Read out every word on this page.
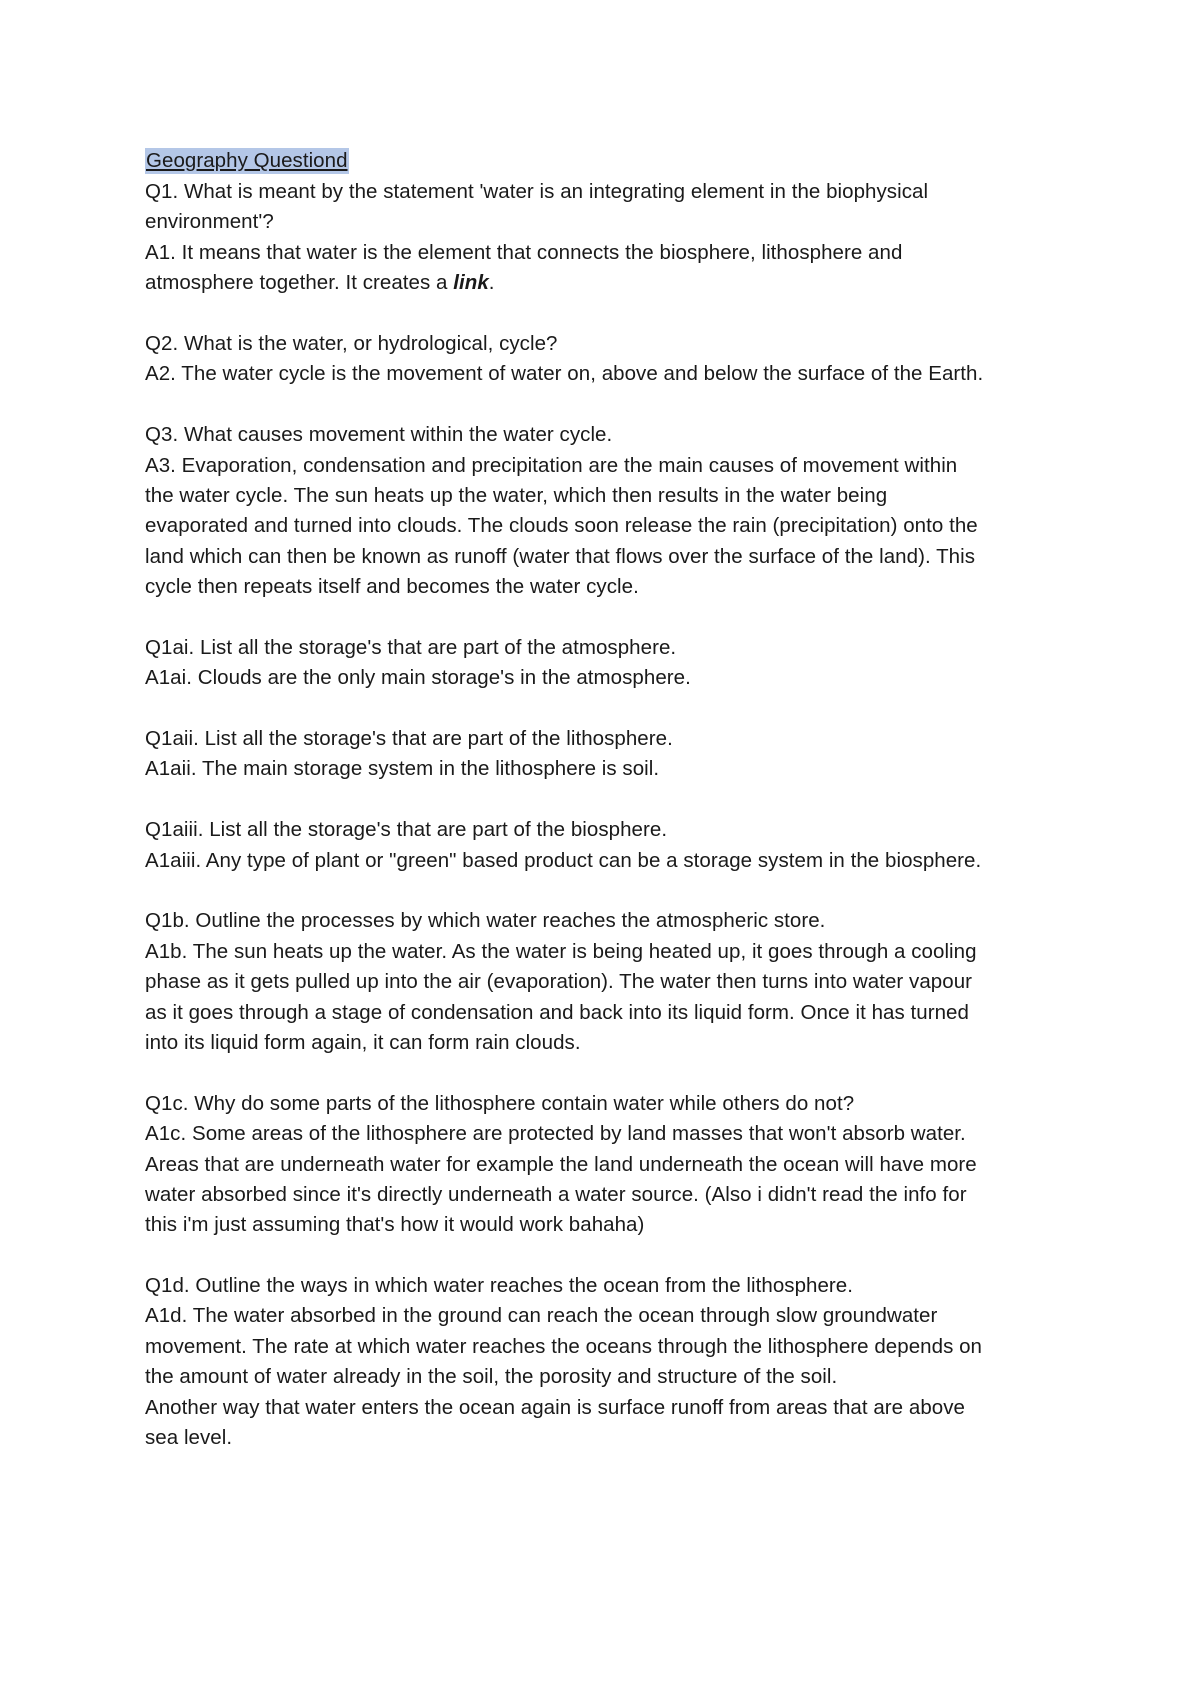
Geography Questiond
Q1. What is meant by the statement 'water is an integrating element in the biophysical
environment'?
A1. It means that water is the element that connects the biosphere, lithosphere and
atmosphere together. It creates a link.
Q2. What is the water, or hydrological, cycle?
A2. The water cycle is the movement of water on, above and below the surface of the Earth.
Q3. What causes movement within the water cycle.
A3. Evaporation, condensation and precipitation are the main causes of movement within
the water cycle. The sun heats up the water, which then results in the water being
evaporated and turned into clouds. The clouds soon release the rain (precipitation) onto the
land which can then be known as runoff (water that flows over the surface of the land). This
cycle then repeats itself and becomes the water cycle.
Q1ai. List all the storage's that are part of the atmosphere.
A1ai. Clouds are the only main storage's in the atmosphere.
Q1aii. List all the storage's that are part of the lithosphere.
A1aii. The main storage system in the lithosphere is soil.
Q1aiii. List all the storage's that are part of the biosphere.
A1aiii. Any type of plant or "green" based product can be a storage system in the biosphere.
Q1b. Outline the processes by which water reaches the atmospheric store.
A1b. The sun heats up the water. As the water is being heated up, it goes through a cooling
phase as it gets pulled up into the air (evaporation). The water then turns into water vapour
as it goes through a stage of condensation and back into its liquid form. Once it has turned
into its liquid form again, it can form rain clouds.
Q1c. Why do some parts of the lithosphere contain water while others do not?
A1c. Some areas of the lithosphere are protected by land masses that won't absorb water.
Areas that are underneath water for example the land underneath the ocean will have more
water absorbed since it's directly underneath a water source. (Also i didn't read the info for
this i'm just assuming that's how it would work bahaha)
Q1d. Outline the ways in which water reaches the ocean from the lithosphere.
A1d. The water absorbed in the ground can reach the ocean through slow groundwater
movement. The rate at which water reaches the oceans through the lithosphere depends on
the amount of water already in the soil, the porosity and structure of the soil.
Another way that water enters the ocean again is surface runoff from areas that are above
sea level.
